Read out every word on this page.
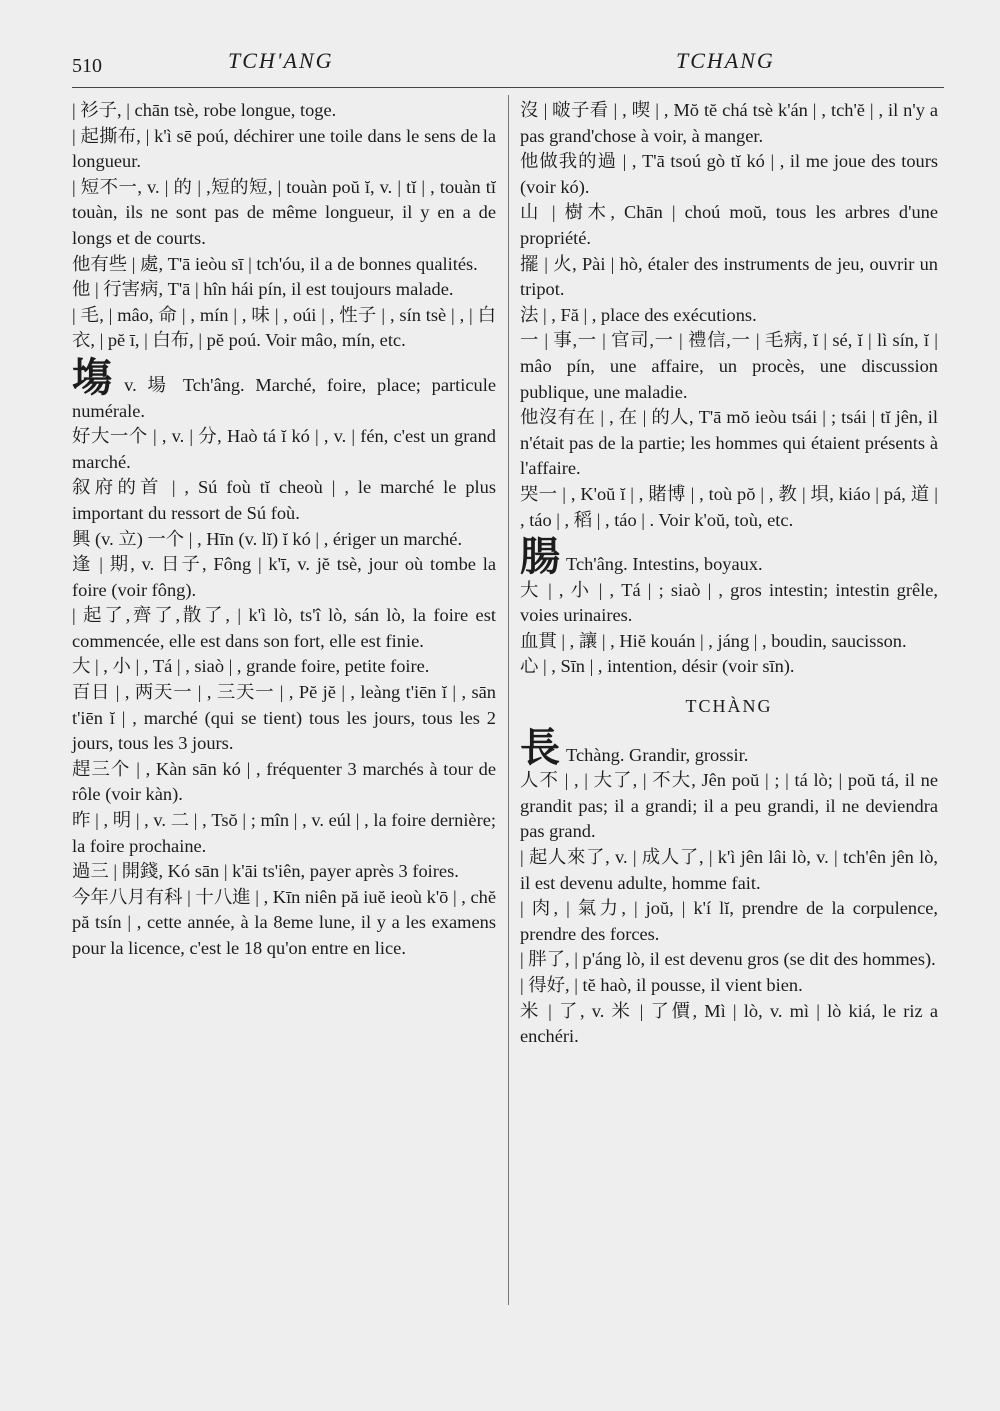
510	TCH'ANG	TCHANG

| 衫子, | chān tsè, robe longue, toge.

| 起撕布, | k'ì sē poú, déchirer une toile dans le sens de la longueur.

| 短不一, v. | 的 | ,短的短, | touàn poŭ ĭ, v. | tĭ | , touàn tĭ touàn, ils ne sont pas de même longueur, il y en a de longs et de courts.

他有些 | 處, T'ā ieòu sī | tch'óu, il a de bonnes qualités.

他 | 行害病, T'ā | hîn hái pín, il est toujours malade.

| 毛, | mâo, 命 | , mín | , 味 | , oúi | , 性子 | , sín tsè | , | 白衣, | pĕ ī, | 白布, | pĕ poú. Voir mâo, mín, etc.

塲v. 場 Tch'âng. Marché, foire, place; particule numérale.

好大一个 | , v. | 分, Haò tá ĭ kó | , v. | fén, c'est un grand marché.

叙府的首 | , Sú foù tĭ cheoù | , le marché le plus important du ressort de Sú foù.

興 (v. 立) 一个 | , Hīn (v. lĭ) ĭ kó | , ériger un marché.

逢 | 期, v. 日子, Fông | k'ī, v. jĕ tsè, jour où tombe la foire (voir fông).

| 起了,齊了,散了, | k'ì lò, ts'î lò, sán lò, la foire est commencée, elle est dans son fort, elle est finie.

大 | , 小 | , Tá | , siaò | , grande foire, petite foire.

百日 | , 两天一 | , 三天一 | , Pĕ jĕ | , leàng t'iēn ĭ | , sān t'iēn ĭ | , marché (qui se tient) tous les jours, tous les 2 jours, tous les 3 jours.

趕三个 | , Kàn sān kó | , fréquenter 3 marchés à tour de rôle (voir kàn).

昨 | , 明 | , v. 二 | , Tsŏ | ; mîn | , v. eúl | , la foire dernière; la foire prochaine.

過三 | 開錢, Kó sān | k'āi ts'iên, payer après 3 foires.

今年八月有科 | 十八進 | , Kīn niên pă iuĕ ieoù k'ō | , chĕ pă tsín | , cette année, à la 8eme lune, il y a les examens pour la licence, c'est le 18 qu'on entre en lice.

沒 | 啵子看 | , 喫 | , Mŏ tĕ chá tsè k'án | , tch'ĕ | , il n'y a pas grand'chose à voir, à manger.

他做我的過 | , T'ā tsoú gò tĭ kó | , il me joue des tours (voir kó).

山 | 樹木, Chān | choú moŭ, tous les arbres d'une propriété.

擺 | 火, Pài | hò, étaler des instruments de jeu, ouvrir un tripot.

法 | , Fă | , place des exécutions.

一 | 事,一 | 官司,一 | 禮信,一 | 毛病, ĭ | sé, ĭ | lì sín, ĭ | mâo pín, une affaire, un procès, une discussion publique, une maladie.

他沒有在 | , 在 | 的人, T'ā mŏ ieòu tsái | ; tsái | tĭ jên, il n'était pas de la partie; les hommes qui étaient présents à l'affaire.

哭一 | , K'oŭ ĭ | , 賭博 | , toù pŏ | , 教 | 垻, kiáo | pá, 道 | , táo | , 稻 | , táo | . Voir k'oŭ, toù, etc.

腸 Tch'âng. Intestins, boyaux.

大 | , 小 | , Tá | ; siaò | , gros intestin; intestin grêle, voies urinaires.

血貫 | , 讓 | , Hiĕ kouán | , jáng | , boudin, saucisson.

心 | , Sīn | , intention, désir (voir sīn).

TCHÀNG

長 Tchàng. Grandir, grossir.

人不 | , | 大了, | 不大, Jên poŭ | ; | tá lò; | poŭ tá, il ne grandit pas; il a grandi; il a peu grandi, il ne deviendra pas grand.

| 起人來了, v. | 成人了, | k'ì jên lâi lò, v. | tch'ên jên lò, il est devenu adulte, homme fait.

| 肉, | 氣力, | joŭ, | k'í lĭ, prendre de la corpulence, prendre des forces.

| 胖了, | p'áng lò, il est devenu gros (se dit des hommes).

| 得好, | tĕ haò, il pousse, il vient bien.

米 | 了, v. 米 | 了價, Mì | lò, v. mì | lò kiá, le riz a enchéri.
